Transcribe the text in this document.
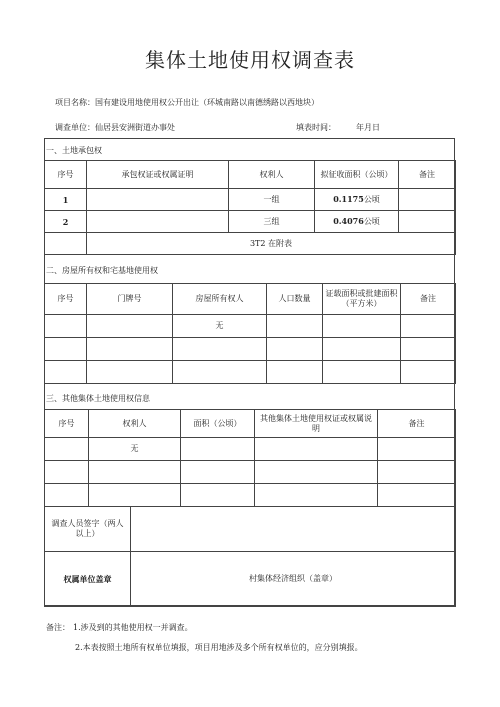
集体土地使用权调查表
项目名称：国有建设用地使用权公开出让（环城南路以南德绣路以西地块）
调查单位：仙居县安洲街道办事处	填表时间：	年月日
一、土地承包权
序号	承包权证或权属证明	权利人	拟征收面积（公顷）	备注
1		一组	0.1175公顷	
2		三组	0.4076公顷	
	3T2 在附表			
二、房屋所有权和宅基地使用权
序号	门牌号	房屋所有权人	人口数量	证载面积或批建面积（平方米）	备注
		无			

三、其他集体土地使用权信息
序号	权利人	面积（公顷）	其他集体土地使用权证或权属说明	备注
	无			

调查人员签字（两人以上）	
权属单位盖章	村集体经济组织（盖章）
备注： 1.涉及到的其他使用权一并调查。
2.本表按照土地所有权单位填报，项目用地涉及多个所有权单位的，应分别填报。
